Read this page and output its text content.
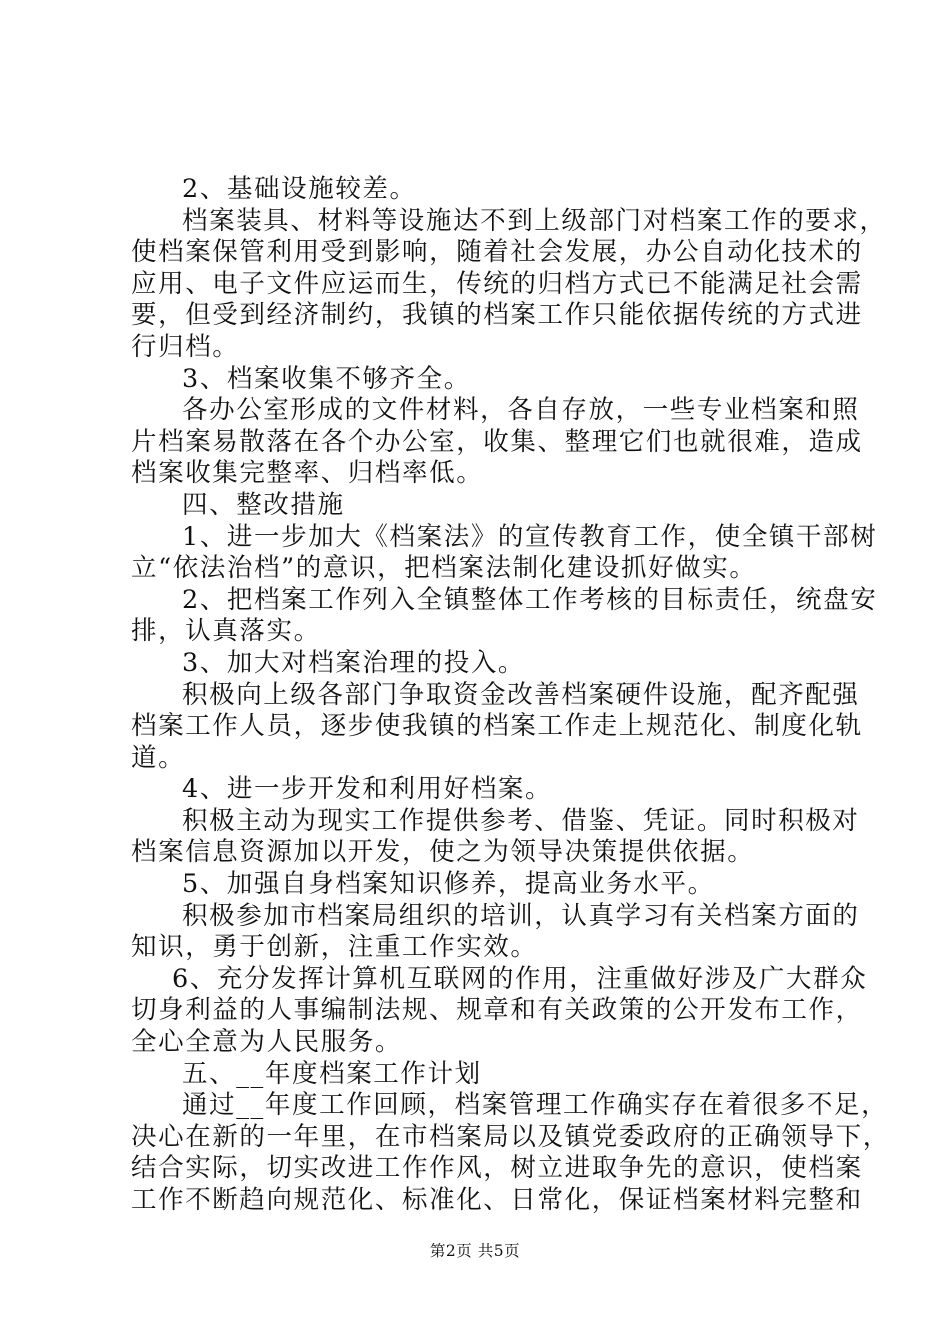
2、基础设施较差。
档案装具、材料等设施达不到上级部门对档案工作的要求，
使档案保管利用受到影响，随着社会发展，办公自动化技术的
应用、电子文件应运而生，传统的归档方式已不能满足社会需
要，但受到经济制约，我镇的档案工作只能依据传统的方式进
行归档。
3、档案收集不够齐全。
各办公室形成的文件材料，各自存放，一些专业档案和照
片档案易散落在各个办公室，收集、整理它们也就很难，造成
档案收集完整率、归档率低。
四、整改措施
1、进一步加大《档案法》的宣传教育工作，使全镇干部树
立“依法治档”的意识，把档案法制化建设抓好做实。
2、把档案工作列入全镇整体工作考核的目标责任，统盘安
排，认真落实。
3、加大对档案治理的投入。
积极向上级各部门争取资金改善档案硬件设施，配齐配强
档案工作人员，逐步使我镇的档案工作走上规范化、制度化轨
道。
4、进一步开发和利用好档案。
积极主动为现实工作提供参考、借鉴、凭证。同时积极对
档案信息资源加以开发，使之为领导决策提供依据。
5、加强自身档案知识修养，提高业务水平。
积极参加市档案局组织的培训，认真学习有关档案方面的
知识，勇于创新，注重工作实效。
6、充分发挥计算机互联网的作用，注重做好涉及广大群众
切身利益的人事编制法规、规章和有关政策的公开发布工作，
全心全意为人民服务。
五、__年度档案工作计划
通过__年度工作回顾，档案管理工作确实存在着很多不足，
决心在新的一年里，在市档案局以及镇党委政府的正确领导下，
结合实际，切实改进工作作风，树立进取争先的意识，使档案
工作不断趋向规范化、标准化、日常化，保证档案材料完整和
第2页 共5页
